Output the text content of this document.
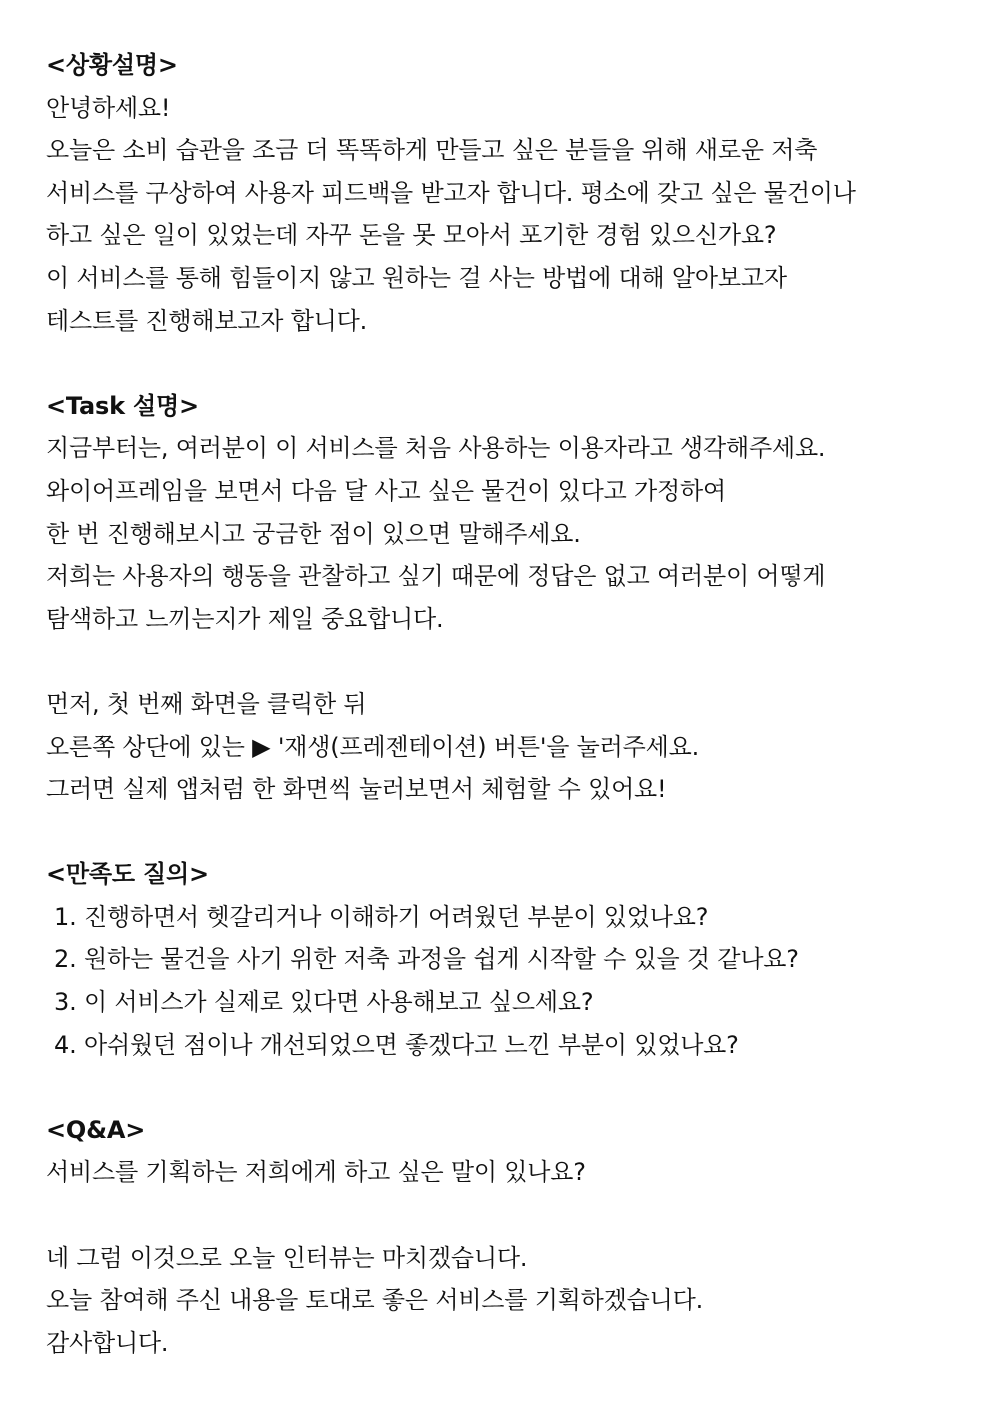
<상황설명>
안녕하세요!
오늘은 소비 습관을 조금 더 똑똑하게 만들고 싶은 분들을 위해 새로운 저축
서비스를 구상하여 사용자 피드백을 받고자 합니다. 평소에 갖고 싶은 물건이나
하고 싶은 일이 있었는데 자꾸 돈을 못 모아서 포기한 경험 있으신가요?
이 서비스를 통해 힘들이지 않고 원하는 걸 사는 방법에 대해 알아보고자
테스트를 진행해보고자 합니다.
<Task 설명>
지금부터는, 여러분이 이 서비스를 처음 사용하는 이용자라고 생각해주세요.
와이어프레임을 보면서 다음 달 사고 싶은 물건이 있다고 가정하여
한 번 진행해보시고 궁금한 점이 있으면 말해주세요.
저희는 사용자의 행동을 관찰하고 싶기 때문에 정답은 없고 여러분이 어떻게
탐색하고 느끼는지가 제일 중요합니다.
먼저, 첫 번째 화면을 클릭한 뒤
오른쪽 상단에 있는 ▶ '재생(프레젠테이션) 버튼'을 눌러주세요.
그러면 실제 앱처럼 한 화면씩 눌러보면서 체험할 수 있어요!
<만족도 질의>
1. 진행하면서 헷갈리거나 이해하기 어려웠던 부분이 있었나요?
2. 원하는 물건을 사기 위한 저축 과정을 쉽게 시작할 수 있을 것 같나요?
3. 이 서비스가 실제로 있다면 사용해보고 싶으세요?
4. 아쉬웠던 점이나 개선되었으면 좋겠다고 느낀 부분이 있었나요?
<Q&A>
서비스를 기획하는 저희에게 하고 싶은 말이 있나요?
네 그럼 이것으로 오늘 인터뷰는 마치겠습니다.
오늘 참여해 주신 내용을 토대로 좋은 서비스를 기획하겠습니다.
감사합니다.
